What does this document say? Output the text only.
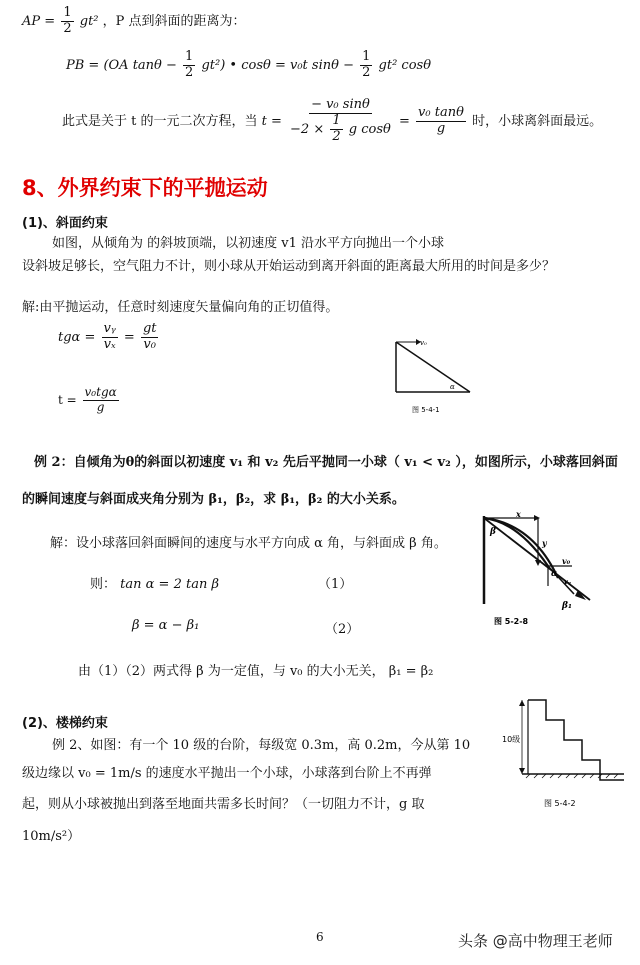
AP = $\frac{1}{2} gt^2$ ，P 点到斜面的距离为：
PB = (OA $\tan\theta - \frac{1}{2} gt^2$) • cosθ = v₀t $\sin\theta - \frac{1}{2} gt^2$ cosθ
此式是关于 t 的一元二次方程，当 t =
− v₀ sinθ
$-2 \times \frac{1}{2}$ g cosθ
= $\frac{\text{v₀ tanθ}}{g}$ 时，小球离斜面最远。
8、外界约束下的平抛运动
(1)、斜面约束
如图，从倾角为 的斜坡顶端，以初速度 v1 沿水平方向抛出一个小球
设斜坡足够长，空气阻力不计，则小球从开始运动到离开斜面的距离最大所用的时间是多少？
解:由平抛运动，任意时刻速度矢量偏向角的正切值得。
$tg\alpha = \frac{\text{vᵧ}}{\text{vₓ}} = \frac{gt}{\text{v₀}}$
$t = \frac{\text{v₀tgα}}{g}$
v₀
α
图 5-4-1
例 2：自倾角为θ的斜面以初速度 v₁ 和 v₂ 先后平抛同一小球（ v₁ < v₂ ），如图所示，小球落回斜面
的瞬间速度与斜面成夹角分别为 β₁，β₂，求 β₁，β₂ 的大小关系。
解：设小球落回斜面瞬间的速度与水平方向成 α 角，与斜面成 β 角。
则： tan α = 2 tan β	（1）
β = α − β₁	（2）
由（1）（2）两式得 β 为一定值，与 v₀ 的大小无关， β₁ = β₂
x
y
β
v₀
α
vᵧ
β₁
图 5-2-8
(2)、楼梯约束
例 2、如图：有一个 10 级的台阶，每级宽 0.3m，高 0.2m，今从第 10
级边缘以 v₀ = 1m/s 的速度水平抛出一个小球，小球落到台阶上不再弹
起，则从小球被抛出到落至地面共需多长时间？（一切阻力不计，g 取
10m/s²）
10级
图 5-4-2
6	头条 @高中物理王老师
